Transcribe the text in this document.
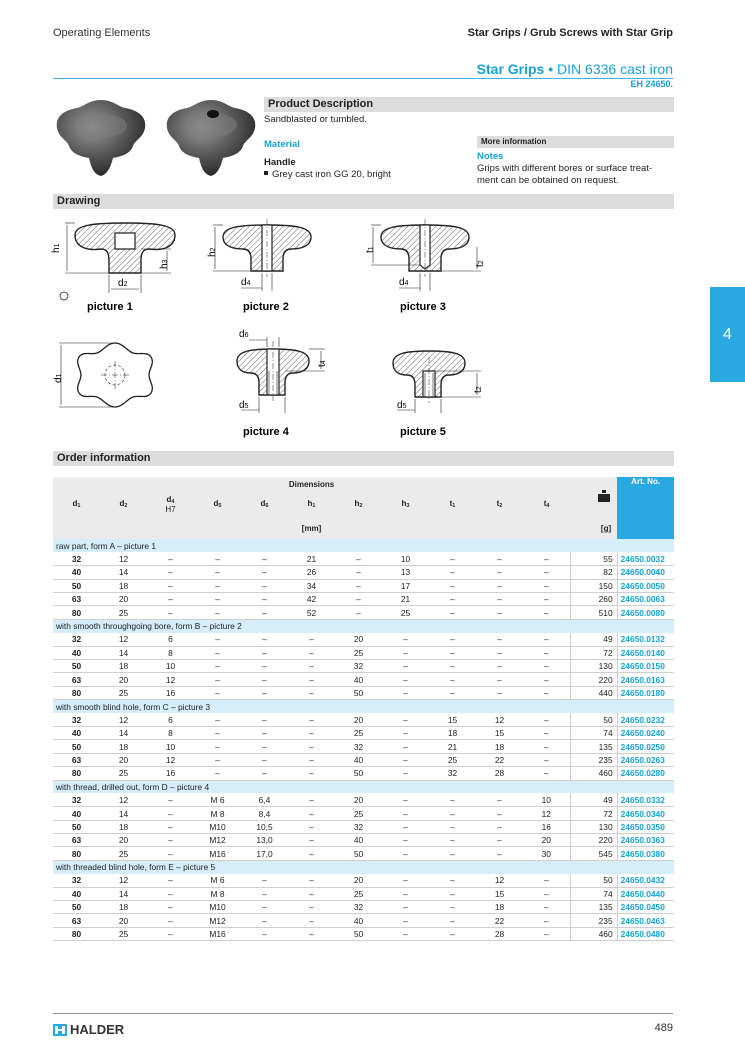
Operating Elements	Star Grips / Grub Screws with Star Grip
Star Grips • DIN 6336 cast iron
EH 24650.
Product Description
Sandblasted or tumbled.
Material
Handle
Grey cast iron GG 20, bright
More information
Notes
Grips with different bores or surface treat-
ment can be obtained on request.
4
Drawing
h1
h3
d2
picture 1
d1
h2
d4
picture 2
t1
t2
d4
picture 3
d6
t4
d5
picture 4
t2
d5
picture 5
Order information
Dimensions												Art. No.
d1	d2	d4
H7	d5	d6	h1	h2	h3	t1	t2	t4		
[mm]											[g]	
raw part, form A – picture 1												
32	12	–	–	–	21	–	10	–	–	–	55	24650.0032
40	14	–	–	–	26	–	13	–	–	–	82	24650.0040
50	18	–	–	–	34	–	17	–	–	–	150	24650.0050
63	20	–	–	–	42	–	21	–	–	–	260	24650.0063
80	25	–	–	–	52	–	25	–	–	–	510	24650.0080
with smooth throughgoing bore, form B – picture 2												
32	12	6	–	–	–	20	–	–	–	–	49	24650.0132
40	14	8	–	–	–	25	–	–	–	–	72	24650.0140
50	18	10	–	–	–	32	–	–	–	–	130	24650.0150
63	20	12	–	–	–	40	–	–	–	–	220	24650.0163
80	25	16	–	–	–	50	–	–	–	–	440	24650.0180
with smooth blind hole, form C – picture 3												
32	12	6	–	–	–	20	–	15	12	–	50	24650.0232
40	14	8	–	–	–	25	–	18	15	–	74	24650.0240
50	18	10	–	–	–	32	–	21	18	–	135	24650.0250
63	20	12	–	–	–	40	–	25	22	–	235	24650.0263
80	25	16	–	–	–	50	–	32	28	–	460	24650.0280
with thread, drilled out, form D – picture 4												
32	12	–	M 6	6,4	–	20	–	–	–	10	49	24650.0332
40	14	–	M 8	8,4	–	25	–	–	–	12	72	24650.0340
50	18	–	M10	10,5	–	32	–	–	–	16	130	24650.0350
63	20	–	M12	13,0	–	40	–	–	–	20	220	24650.0363
80	25	–	M16	17,0	–	50	–	–	–	30	545	24650.0380
with threaded blind hole, form E – picture 5												
32	12	–	M 6	–	–	20	–	–	12	–	50	24650.0432
40	14	–	M 8	–	–	25	–	–	15	–	74	24650.0440
50	18	–	M10	–	–	32	–	–	18	–	135	24650.0450
63	20	–	M12	–	–	40	–	–	22	–	235	24650.0463
80	25	–	M16	–	–	50	–	–	28	–	460	24650.0480
HALDER	489
